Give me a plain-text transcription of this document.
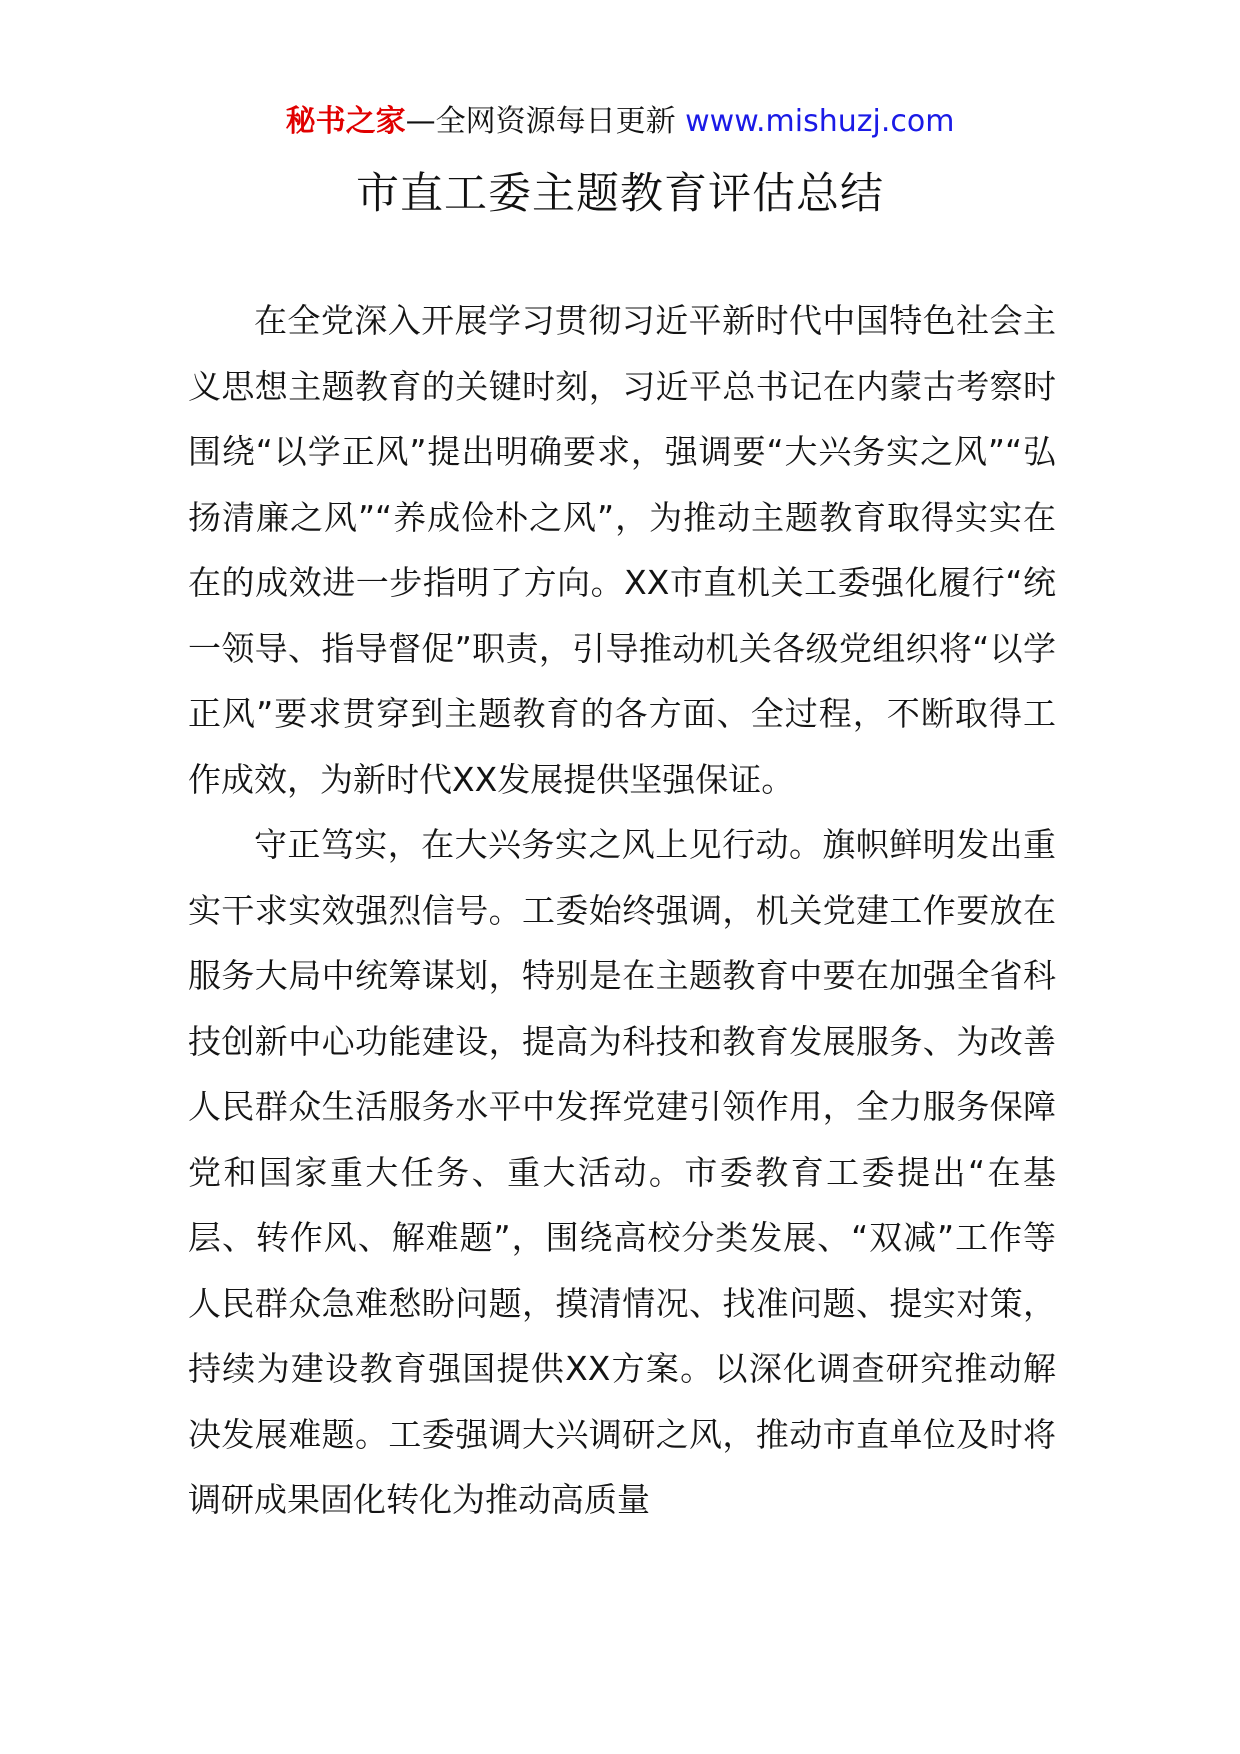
秘书之家—全网资源每日更新 www.mishuzj.com
市直工委主题教育评估总结

在全党深入开展学习贯彻习近平新时代中国特色社会主义思想主题教育的关键时刻，习近平总书记在内蒙古考察时围绕“以学正风”提出明确要求，强调要“大兴务实之风”“弘扬清廉之风”“养成俭朴之风”，为推动主题教育取得实实在在的成效进一步指明了方向。XX市直机关工委强化履行“统一领导、指导督促”职责，引导推动机关各级党组织将“以学正风”要求贯穿到主题教育的各方面、全过程，不断取得工作成效，为新时代XX发展提供坚强保证。

守正笃实，在大兴务实之风上见行动。旗帜鲜明发出重实干求实效强烈信号。工委始终强调，机关党建工作要放在服务大局中统筹谋划，特别是在主题教育中要在加强全省科技创新中心功能建设，提高为科技和教育发展服务、为改善人民群众生活服务水平中发挥党建引领作用，全力服务保障党和国家重大任务、重大活动。市委教育工委提出“在基层、转作风、解难题”，围绕高校分类发展、“双减”工作等人民群众急难愁盼问题，摸清情况、找准问题、提实对策，持续为建设教育强国提供XX方案。以深化调查研究推动解决发展难题。工委强调大兴调研之风，推动市直单位及时将调研成果固化转化为推动高质量
